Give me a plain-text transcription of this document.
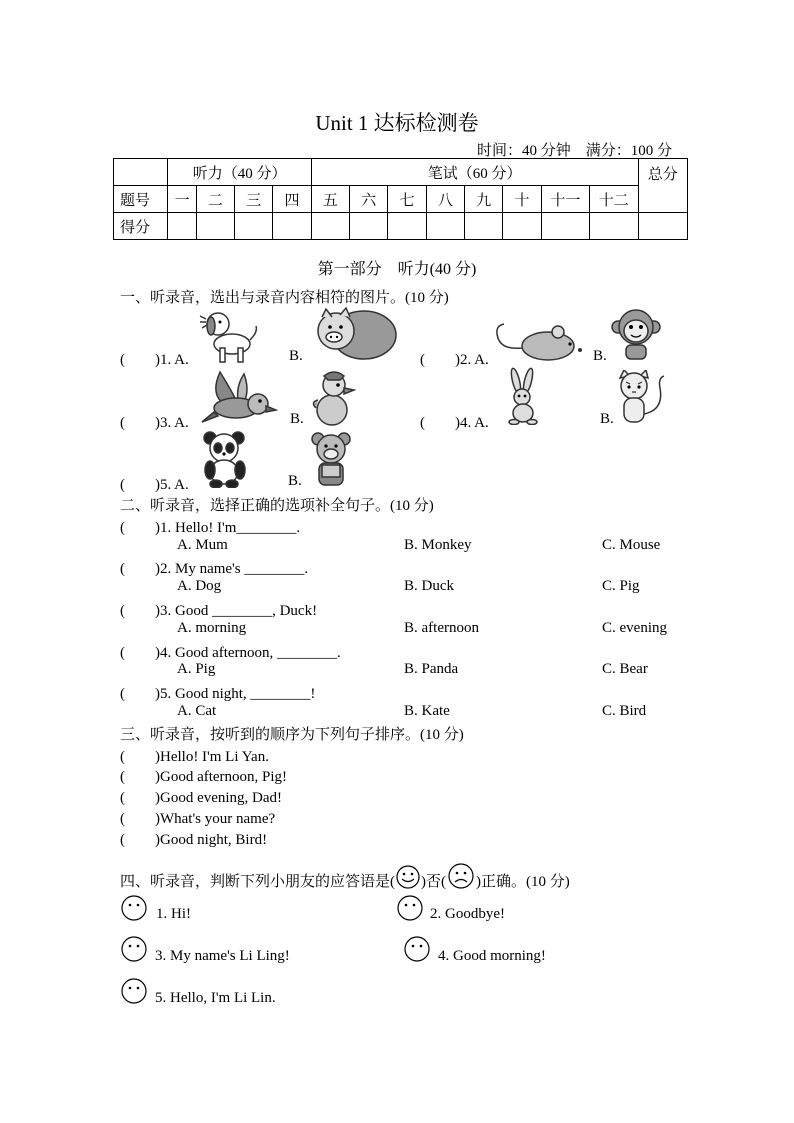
Unit 1 达标检测卷
时间：40 分钟　满分：100 分
	听力（40 分）				笔试（60 分）								总分
题号	一	二	三	四	五	六	七	八	九	十	十一	十二	
得分													
第一部分　听力(40 分)
一、听录音，选出与录音内容相符的图片。(10 分)
(　　)1. A.	B.	(　　)2. A.	B.
(　　)3. A.	B.	(　　)4. A.	B.
(　　)5. A.	B.
二、听录音，选择正确的选项补全句子。(10 分)
(　　)1. Hello! I'm________.
A. Mum	B. Monkey	C. Mouse
(　　)2. My name's ________.
A. Dog	B. Duck	C. Pig
(　　)3. Good ________, Duck!
A. morning	B. afternoon	C. evening
(　　)4. Good afternoon, ________.
A. Pig	B. Panda	C. Bear
(　　)5. Good night, ________!
A. Cat	B. Kate	C. Bird
三、听录音，按听到的顺序为下列句子排序。(10 分)
(　　)Hello! I'm Li Yan.
(　　)Good afternoon, Pig!
(　　)Good evening, Dad!
(　　)What's your name?
(　　)Good night, Bird!
四、听录音，判断下列小朋友的应答语是( )否( )正确。(10 分)
1. Hi!	2. Goodbye!
3. My name's Li Ling!	4. Good morning!
5. Hello, I'm Li Lin.
